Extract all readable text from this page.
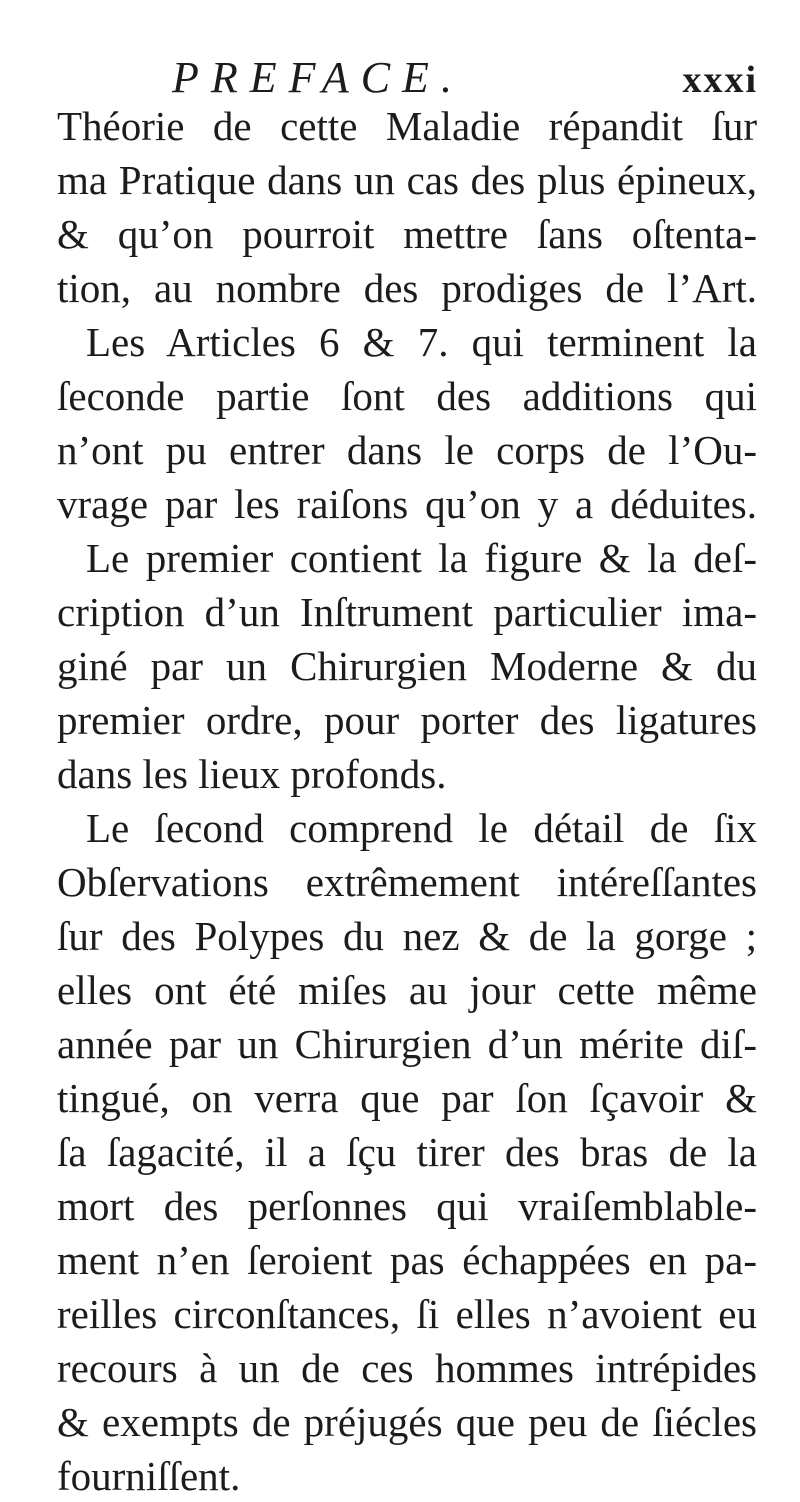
PREFACE.	xxxi
Théorie de cette Maladie répandit ſur
ma Pratique dans un cas des plus épineux,
& qu’on pourroit mettre ſans oſtenta-
tion, au nombre des prodiges de l’Art.
Les Articles 6 & 7. qui terminent la
ſeconde partie ſont des additions qui
n’ont pu entrer dans le corps de l’Ou-
vrage par les raiſons qu’on y a déduites.
Le premier contient la figure & la deſ-
cription d’un Inſtrument particulier ima-
giné par un Chirurgien Moderne & du
premier ordre, pour porter des ligatures
dans les lieux profonds.
Le ſecond comprend le détail de ſix
Obſervations extrêmement intéreſſantes
ſur des Polypes du nez & de la gorge ;
elles ont été miſes au jour cette même
année par un Chirurgien d’un mérite diſ-
tingué, on verra que par ſon ſçavoir &
ſa ſagacité, il a ſçu tirer des bras de la
mort des perſonnes qui vraiſemblable-
ment n’en ſeroient pas échappées en pa-
reilles circonſtances, ſi elles n’avoient eu
recours à un de ces hommes intrépides
& exempts de préjugés que peu de ſiécles
fourniſſent.
